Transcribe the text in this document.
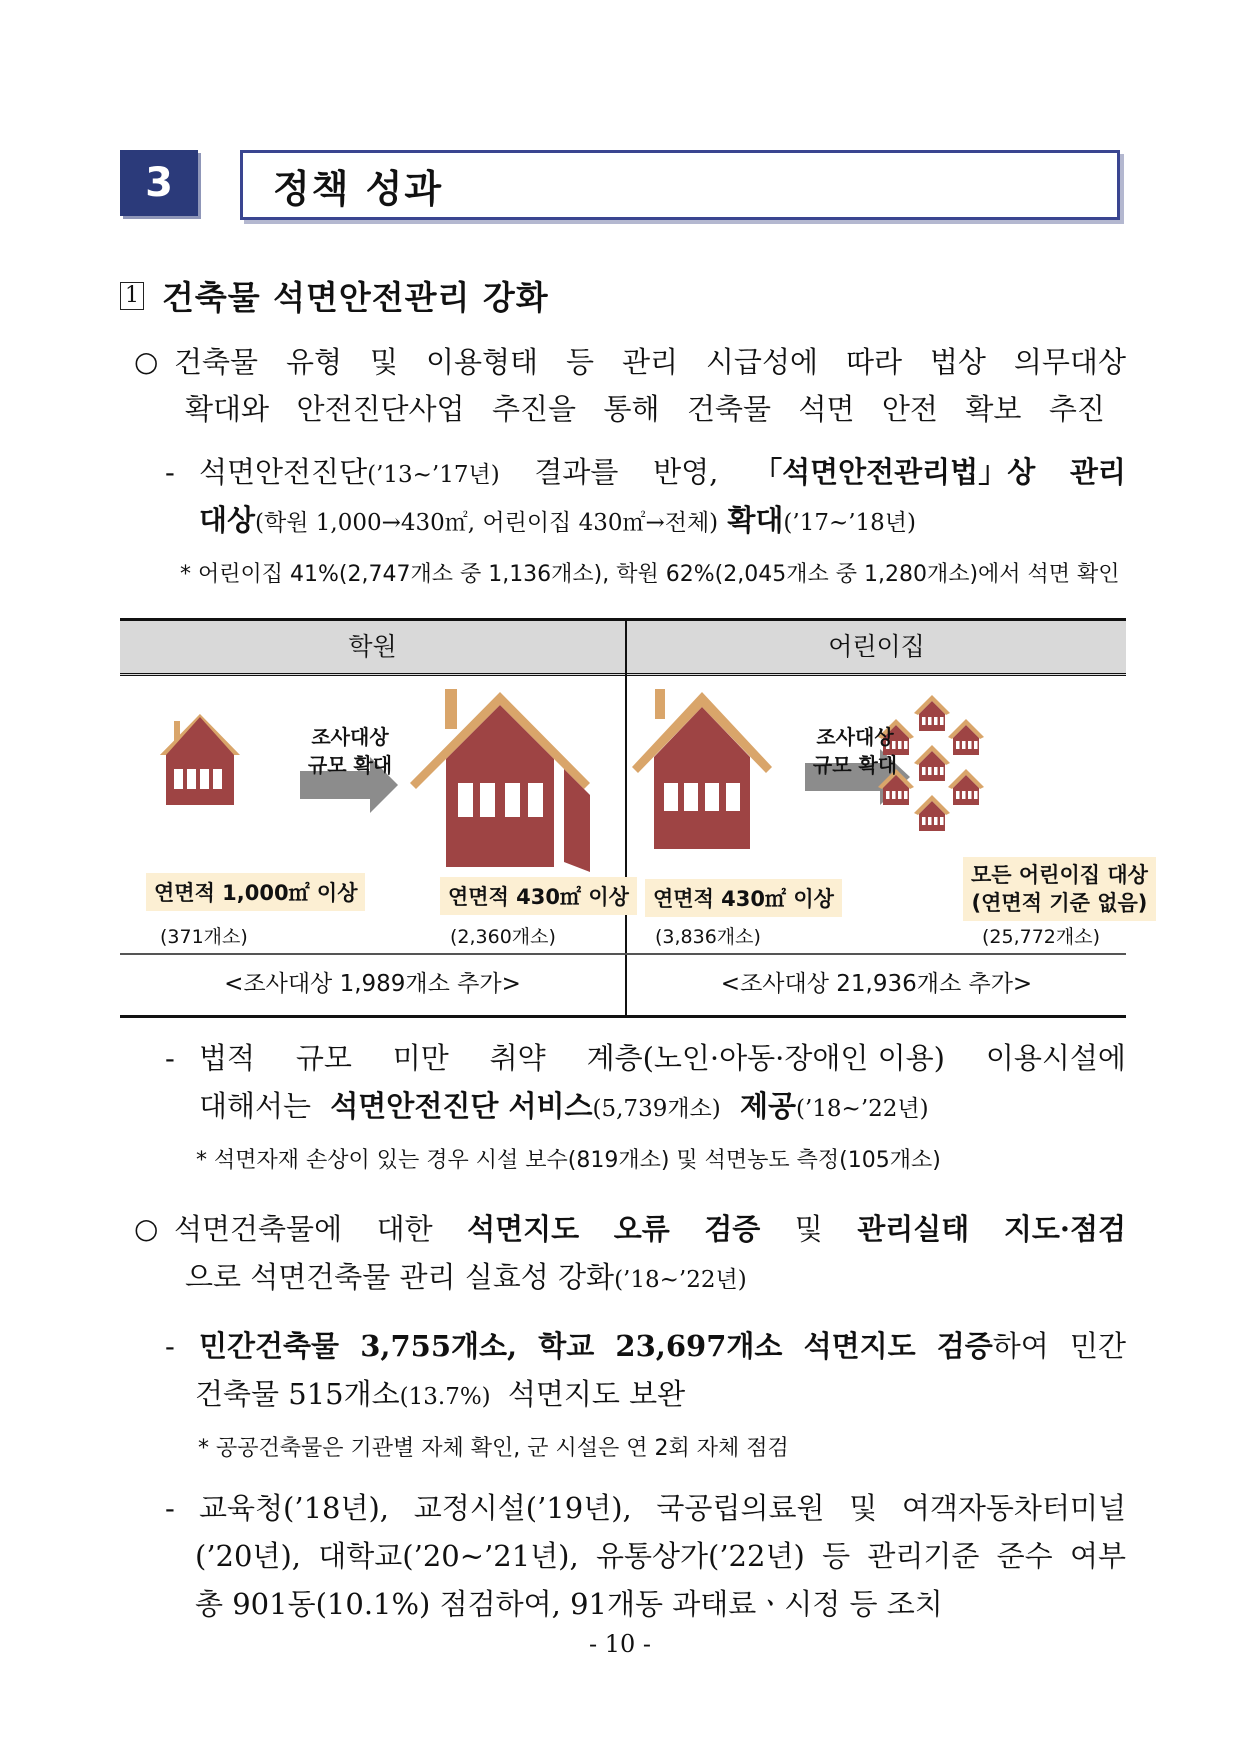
3	정책 성과
1 건축물 석면안전관리 강화
○ 건축물 유형 및 이용형태 등 관리 시급성에 따라 법상 의무대상
확대와 안전진단사업 추진을 통해 건축물 석면 안전 확보 추진
- 석면안전진단(’13~’17년) 결과를 반영, 「석면안전관리법」상 관리
대상(학원 1,000→430㎡, 어린이집 430㎡→전체) 확대(’17~’18년)
* 어린이집 41%(2,747개소 중 1,136개소), 학원 62%(2,045개소 중 1,280개소)에서 석면 확인
학원	어린이집
조사대상
규모 확대
연면적 1,000㎡ 이상
(371개소)
연면적 430㎡ 이상
(2,360개소)
조사대상
규모 확대
연면적 430㎡ 이상
(3,836개소)
모든 어린이집 대상
(연면적 기준 없음)
(25,772개소)
<조사대상 1,989개소 추가>	<조사대상 21,936개소 추가>
- 법적 규모 미만 취약 계층(노인·아동·장애인 이용) 이용시설에
대해서는 석면안전진단 서비스(5,739개소) 제공(’18~’22년)
* 석면자재 손상이 있는 경우 시설 보수(819개소) 및 석면농도 측정(105개소)
○ 석면건축물에 대한 석면지도 오류 검증 및 관리실태 지도·점검
으로 석면건축물 관리 실효성 강화(’18~’22년)
- 민간건축물 3,755개소, 학교 23,697개소 석면지도 검증하여 민간
건축물 515개소(13.7%) 석면지도 보완
* 공공건축물은 기관별 자체 확인, 군 시설은 연 2회 자체 점검
- 교육청(’18년), 교정시설(’19년), 국공립의료원 및 여객자동차터미널
(’20년), 대학교(’20~’21년), 유통상가(’22년) 등 관리기준 준수 여부
총 901동(10.1%) 점검하여, 91개동 과태료ㆍ시정 등 조치
- 10 -
